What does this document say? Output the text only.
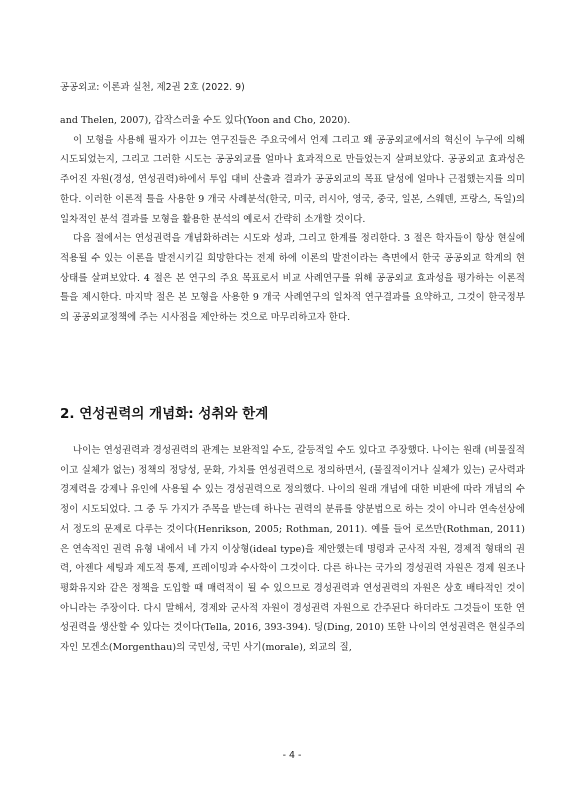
공공외교: 이론과 실천, 제2권 2호 (2022. 9)

and Thelen, 2007), 갑작스러울 수도 있다(Yoon and Cho, 2020).

이 모형을 사용해 필자가 이끄는 연구진들은 주요국에서 언제 그리고 왜 공공외교에서의 혁신이 누구에 의해 시도되었는지, 그리고 그러한 시도는 공공외교를 얼마나 효과적으로 만들었는지 살펴보았다. 공공외교 효과성은 주어진 자원(경성, 연성권력)하에서 투입 대비 산출과 결과가 공공외교의 목표 달성에 얼마나 근접했는지를 의미한다. 이러한 이론적 틀을 사용한 9 개국 사례분석(한국, 미국, 러시아, 영국, 중국, 일본, 스웨덴, 프랑스, 독일)의 일차적인 분석 결과를 모형을 활용한 분석의 예로서 간략히 소개할 것이다.

다음 절에서는 연성권력을 개념화하려는 시도와 성과, 그리고 한계를 정리한다. 3 절은 학자들이 항상 현실에 적용될 수 있는 이론을 발전시키길 희망한다는 전제 하에 이론의 발전이라는 측면에서 한국 공공외교 학계의 현 상태를 살펴보았다. 4 절은 본 연구의 주요 목표로서 비교 사례연구를 위해 공공외교 효과성을 평가하는 이론적 틀을 제시한다. 마지막 절은 본 모형을 사용한 9 개국 사례연구의 일차적 연구결과를 요약하고, 그것이 한국정부의 공공외교정책에 주는 시사점을 제안하는 것으로 마무리하고자 한다.

2. 연성권력의 개념화: 성취와 한계

나이는 연성권력과 경성권력의 관계는 보완적일 수도, 갈등적일 수도 있다고 주장했다. 나이는 원래 (비물질적이고 실체가 없는) 정책의 정당성, 문화, 가치를 연성권력으로 정의하면서, (물질적이거나 실체가 있는) 군사력과 경제력을 강제나 유인에 사용될 수 있는 경성권력으로 정의했다. 나이의 원래 개념에 대한 비판에 따라 개념의 수정이 시도되었다. 그 중 두 가지가 주목을 받는데 하나는 권력의 분류를 양분법으로 하는 것이 아니라 연속선상에서 정도의 문제로 다루는 것이다(Henrikson, 2005; Rothman, 2011). 예를 들어 로쓰만(Rothman, 2011)은 연속적인 권력 유형 내에서 네 가지 이상형(ideal type)을 제안했는데 명령과 군사적 자원, 경제적 형태의 권력, 아젠다 세팅과 제도적 통제, 프레이밍과 수사학이 그것이다. 다른 하나는 국가의 경성권력 자원은 경제 원조나 평화유지와 같은 정책을 도입할 때 매력적이 될 수 있으므로 경성권력과 연성권력의 자원은 상호 배타적인 것이 아니라는 주장이다. 다시 말해서, 경제와 군사적 자원이 경성권력 자원으로 간주된다 하더라도 그것들이 또한 연성권력을 생산할 수 있다는 것이다(Tella, 2016, 393-394). 딩(Ding, 2010) 또한 나이의 연성권력은 현실주의자인 모겐소(Morgenthau)의 국민성, 국민 사기(morale), 외교의 질,

- 4 -
